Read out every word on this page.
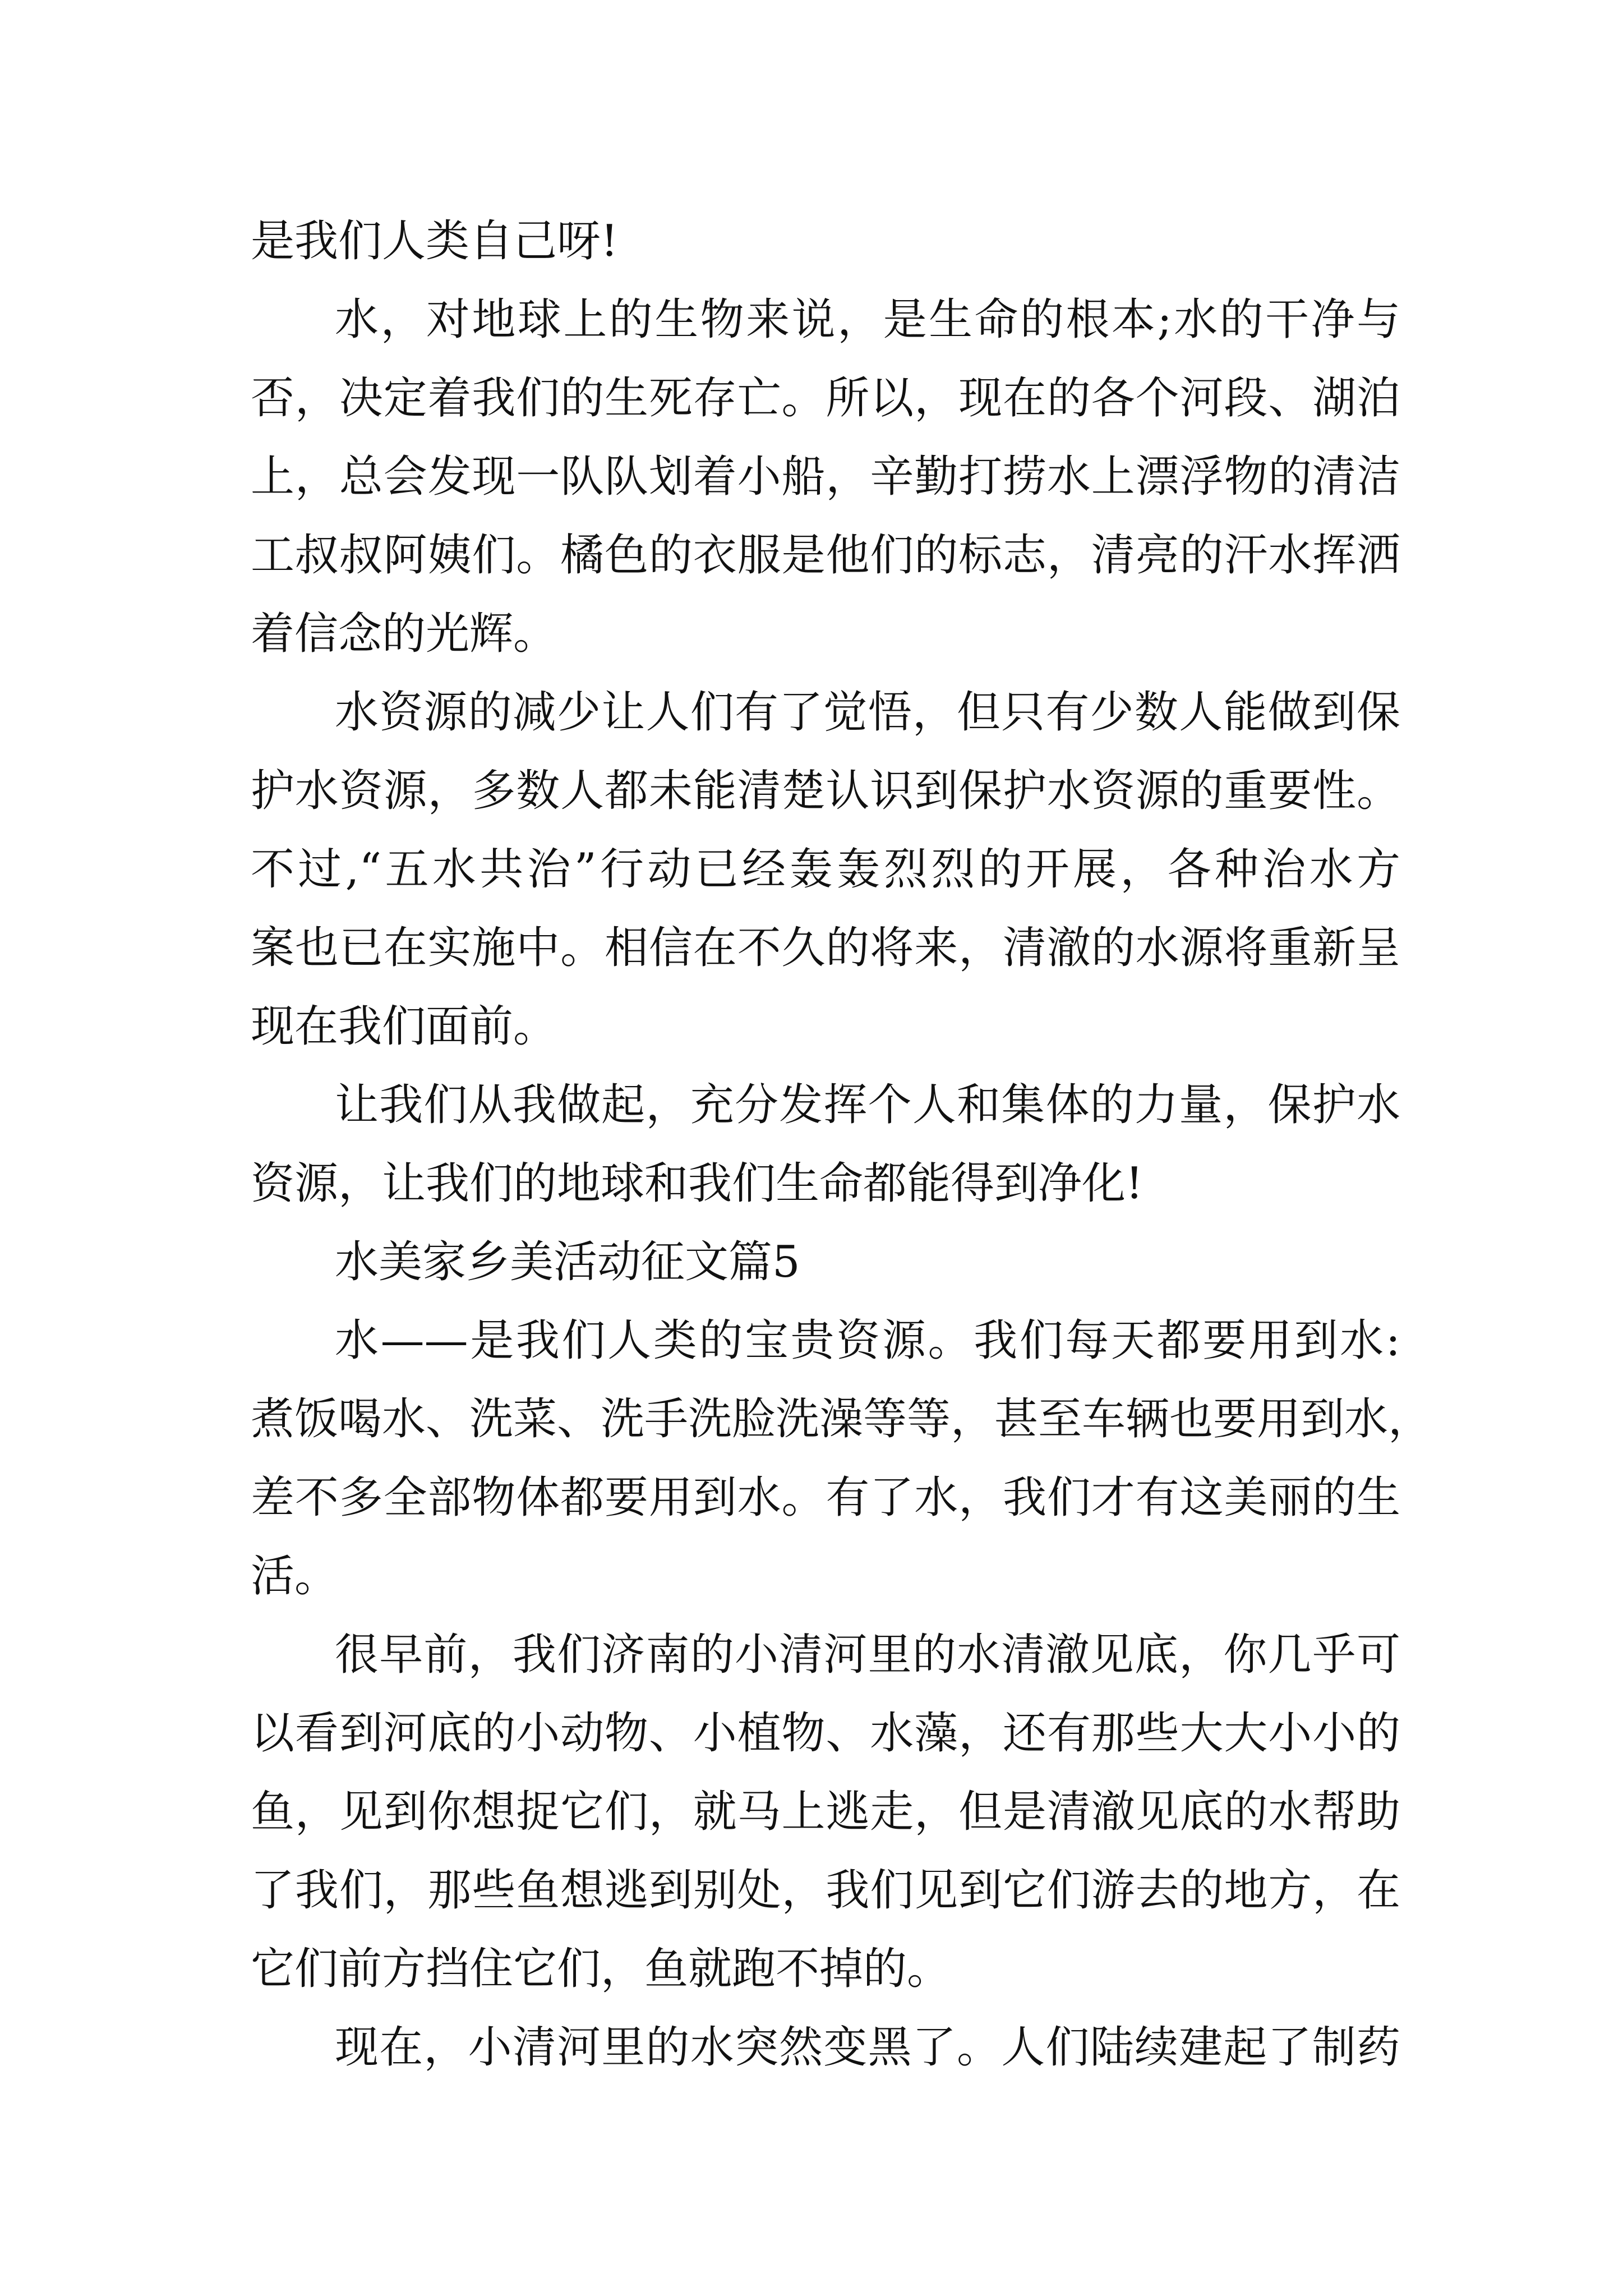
是我们人类自己呀!
水，对地球上的生物来说，是生命的根本;水的干净与
否，决定着我们的生死存亡。所以，现在的各个河段、湖泊
上，总会发现一队队划着小船，辛勤打捞水上漂浮物的清洁
工叔叔阿姨们。橘色的衣服是他们的标志，清亮的汗水挥洒
着信念的光辉。
水资源的减少让人们有了觉悟，但只有少数人能做到保
护水资源，多数人都未能清楚认识到保护水资源的重要性。
不过,“五水共治”行动已经轰轰烈烈的开展，各种治水方
案也已在实施中。相信在不久的将来，清澈的水源将重新呈
现在我们面前。
让我们从我做起，充分发挥个人和集体的力量，保护水
资源，让我们的地球和我们生命都能得到净化!
水美家乡美活动征文篇5
水——是我们人类的宝贵资源。我们每天都要用到水:
煮饭喝水、洗菜、洗手洗脸洗澡等等，甚至车辆也要用到水，
差不多全部物体都要用到水。有了水，我们才有这美丽的生
活。
很早前，我们济南的小清河里的水清澈见底，你几乎可
以看到河底的小动物、小植物、水藻，还有那些大大小小的
鱼，见到你想捉它们，就马上逃走，但是清澈见底的水帮助
了我们，那些鱼想逃到别处，我们见到它们游去的地方，在
它们前方挡住它们，鱼就跑不掉的。
现在，小清河里的水突然变黑了。人们陆续建起了制药
